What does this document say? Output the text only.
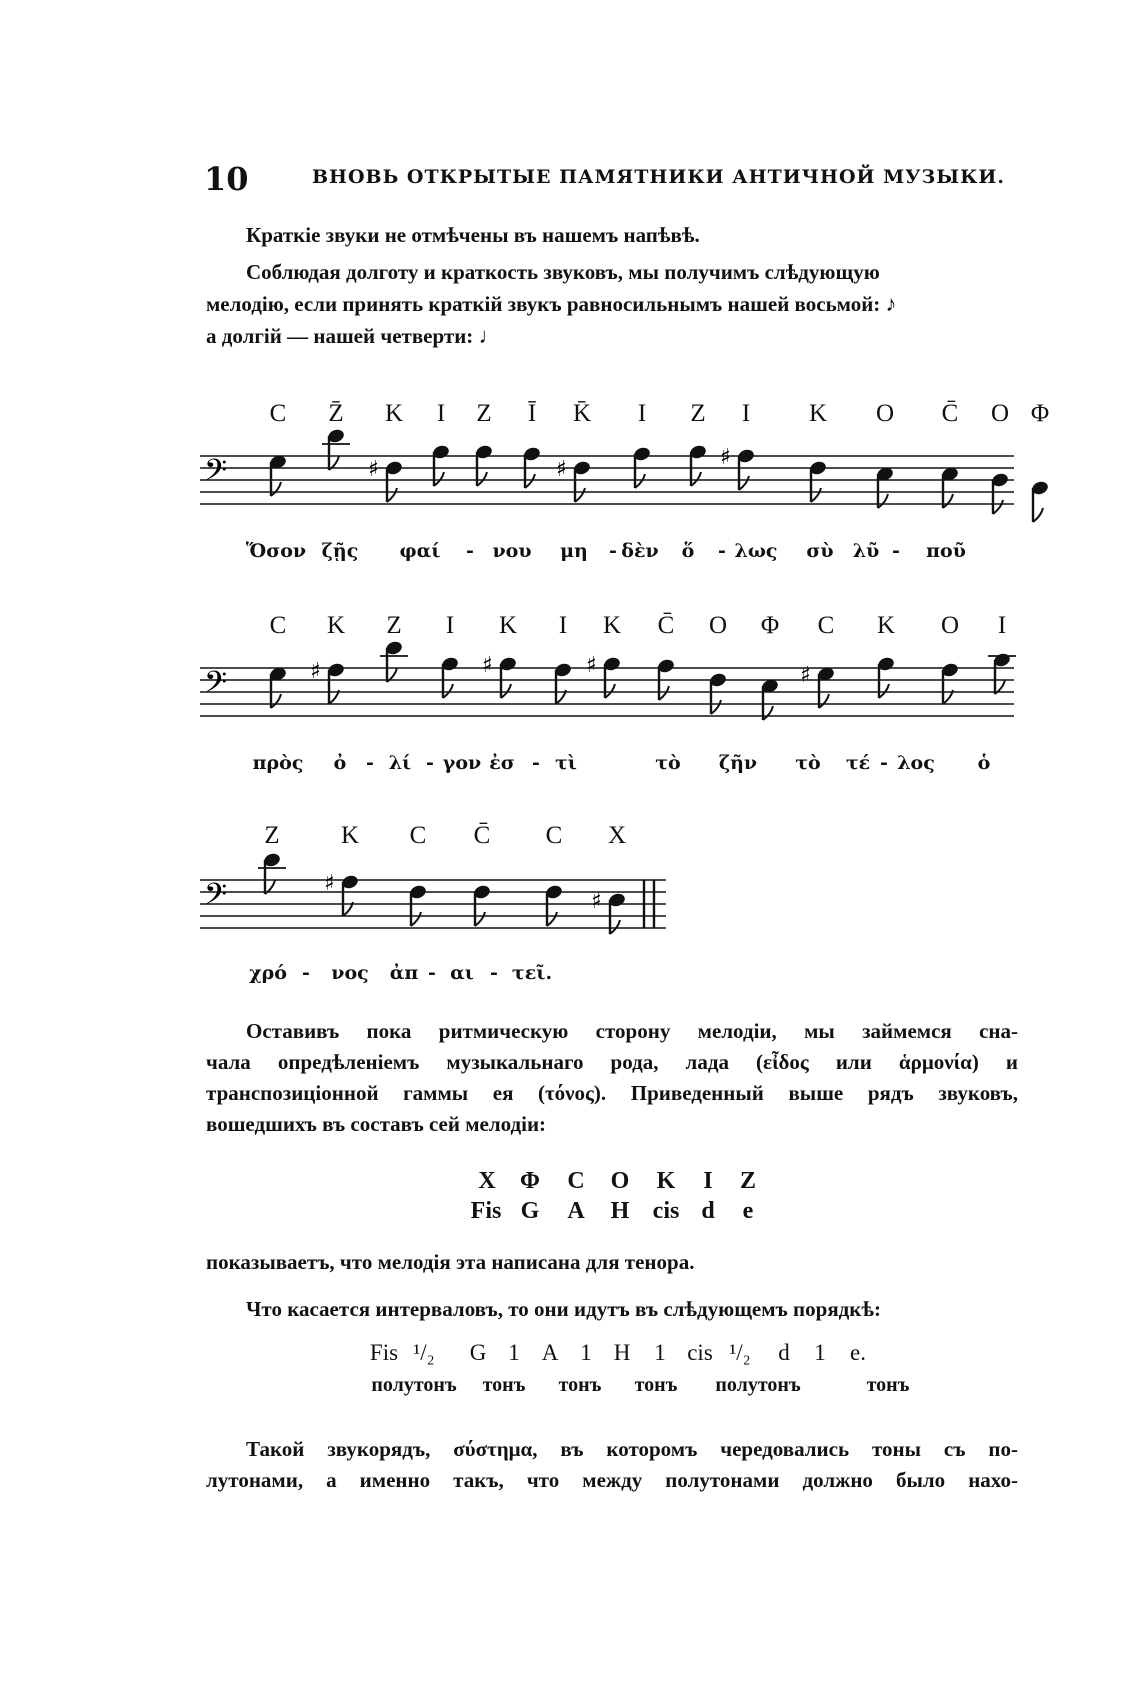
10	ВНОВЬ ОТКРЫТЫЕ ПАМЯТНИКИ АНТИЧНОЙ МУЗЫКИ.

Краткіе звуки не отмѣчены въ нашемъ напѣвѣ.

Соблюдая долготу и краткость звуковъ, мы получимъ слѣдующую

мелодію, если принять краткій звукъ равносильнымъ нашей восьмой: ♪

а долгій — нашей четверти: ♩

C Z̄ K I Z Ī K̄ I Z I K O C̄ O Φ
Ὅσον ζῇς φαί - νου μη - δὲν ὅ - λως σὺ λῦ - ποῦ
C K Z I K I K C̄ O Φ C K O I
πρὸς ὀ - λί - γον ἐσ - τὶ	τὸ ζῆν τὸ τέ - λος ὁ
Z K C C̄ C X
χρό - νος ἀπ - αι - τεῖ.
𝄢	♯	♯	♯
𝄢	♯	♯	♯	♯
𝄢	♯
♯

Оставивъ пока ритмическую сторону мелодіи, мы займемся сна-

чала опредѣленіемъ музыкальнаго рода, лада (εἶδος или ἁρμονία) и

транспозиціонной гаммы ея (τόνος). Приведенный выше рядъ звуковъ,

вошедшихъ въ составъ сей мелодіи:

X Φ C O K I Z
Fis G A H cis d e

показываетъ, что мелодія эта написана для тенора.

Что касается интерваловъ, то они идутъ въ слѣдующемъ порядкѣ:

Fis ¹/₂ G 1 A 1 H 1 cis ¹/₂ d 1 e.
полутонъ тонъ тонъ тонъ полутонъ	тонъ

Такой звукорядъ, σύστημα, въ которомъ чередовались тоны съ по-

лутонами, а именно такъ, что между полутонами должно было нахо-
